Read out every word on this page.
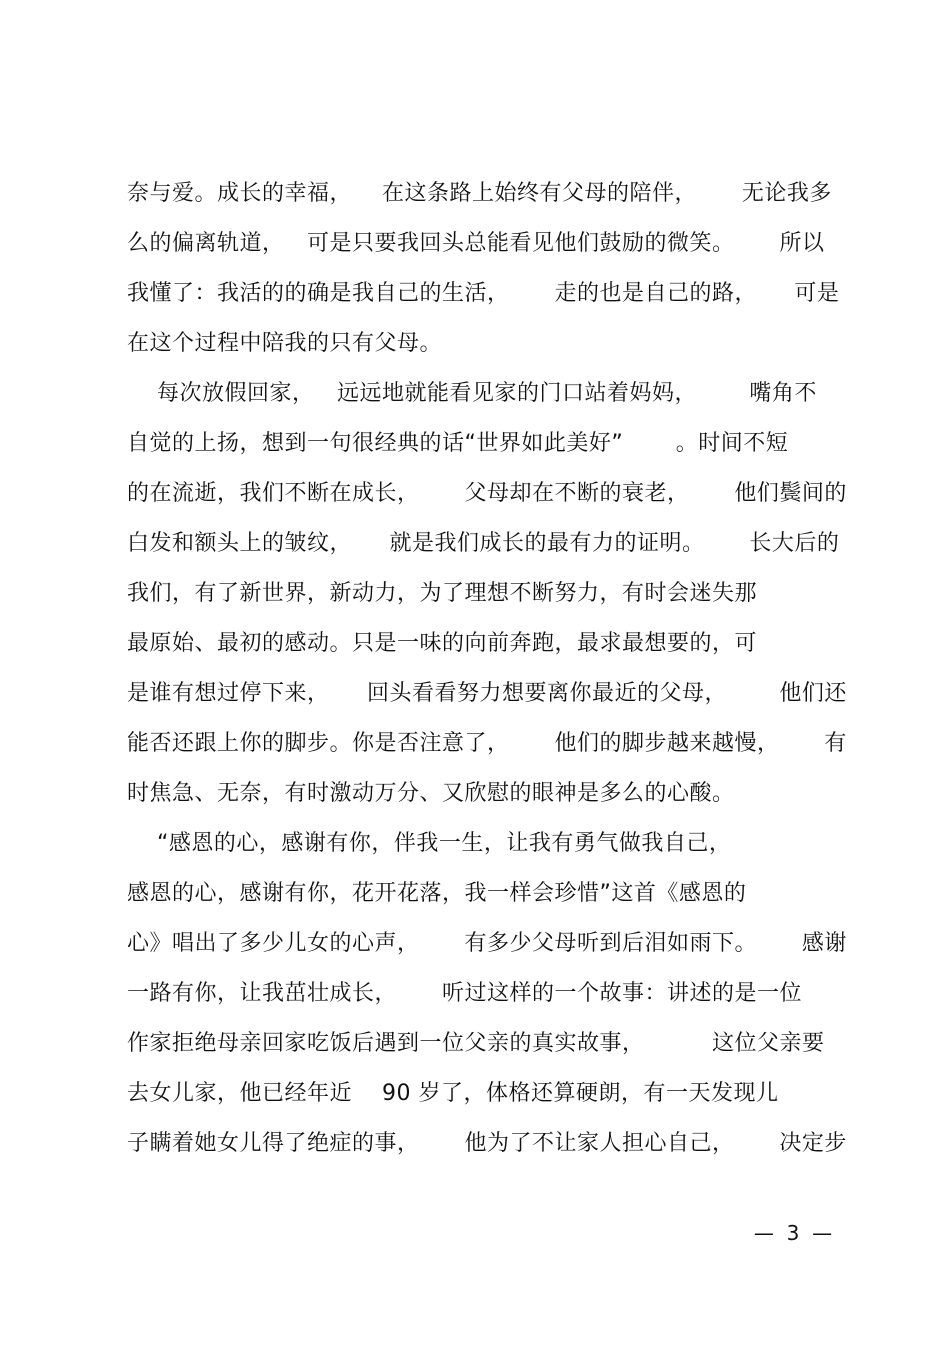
奈与爱。成长的幸福，    在这条路上始终有父母的陪伴，      无论我多
么的偏离轨道，   可是只要我回头总能看见他们鼓励的微笑。      所以
我懂了：我活的的确是我自己的生活，      走的也是自己的路，     可是
在这个过程中陪我的只有父母。
每次放假回家，   远远地就能看见家的门口站着妈妈，       嘴角不
自觉的上扬，想到一句很经典的话“世界如此美好”       。时间不短
的在流逝，我们不断在成长，      父母却在不断的衰老，      他们鬓间的
白发和额头上的皱纹，     就是我们成长的最有力的证明。      长大后的
我们，有了新世界，新动力，为了理想不断努力，有时会迷失那
最原始、最初的感动。只是一味的向前奔跑，最求最想要的，可
是谁有想过停下来，     回头看看努力想要离你最近的父母，       他们还
能否还跟上你的脚步。你是否注意了，      他们的脚步越来越慢，      有
时焦急、无奈，有时激动万分、又欣慰的眼神是多么的心酸。
“感恩的心，感谢有你，伴我一生，让我有勇气做我自己，
感恩的心，感谢有你，花开花落，我一样会珍惜”这首《感恩的
心》唱出了多少儿女的心声，      有多少父母听到后泪如雨下。      感谢
一路有你，让我茁壮成长，      听过这样的一个故事：讲述的是一位
作家拒绝母亲回家吃饭后遇到一位父亲的真实故事，         这位父亲要
去女儿家，他已经年近    90 岁了，体格还算硬朗，有一天发现儿
子瞒着她女儿得了绝症的事，      他为了不让家人担心自己，      决定步
—  3  —
